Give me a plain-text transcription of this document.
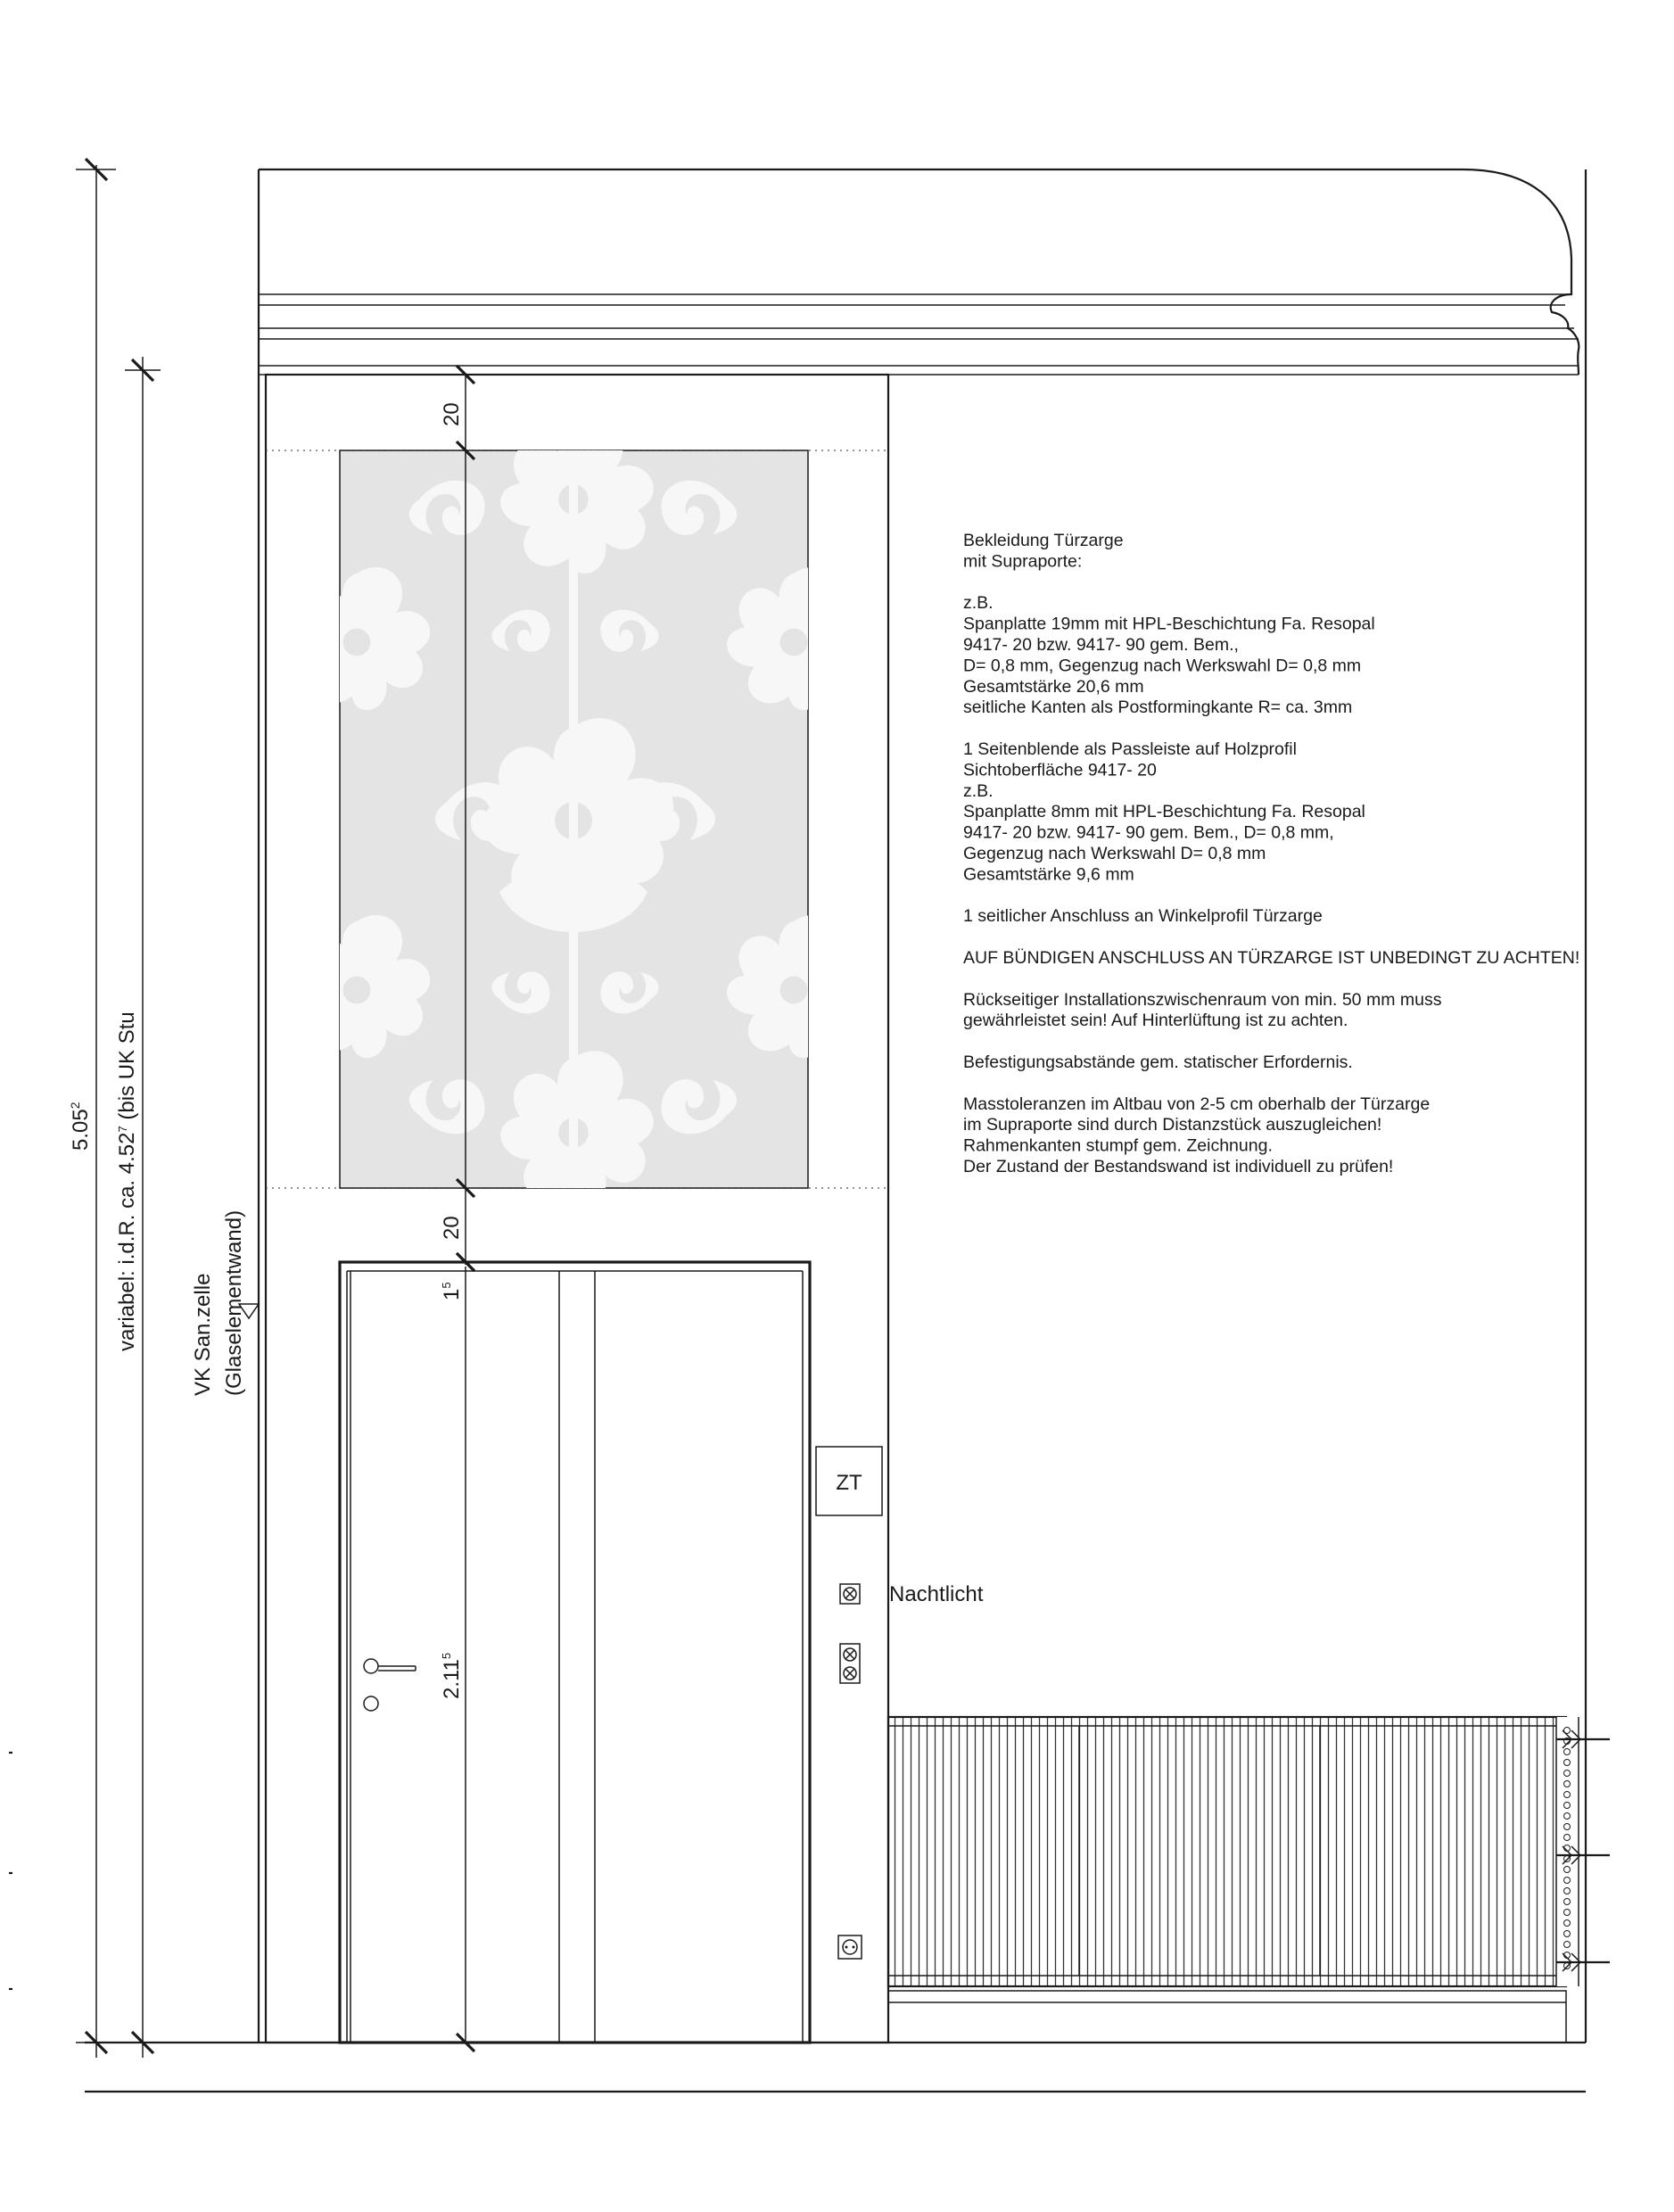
5.05$^2$
variabel: i.d.R. ca. 4.52$^7$ (bis UK Stu
VK San.zelle (Glaselementwand)
20
20
$1^5$
2.11$^5$
ZT
Nachtlicht
Bekleidung Türzarge mit Supraporte: z.B. Spanplatte 19mm mit HPL-Beschichtung Fa. Resopal 9417- 20 bzw. 9417- 90 gem. Bem., D= 0,8 mm, Gegenzug nach Werkswahl D= 0,8 mm Gesamtstärke 20,6 mm seitliche Kanten als Postformingkante R= ca. 3mm 1 Seitenblende als Passleiste auf Holzprofil Sichtoberfläche 9417- 20 z.B. Spanplatte 8mm mit HPL-Beschichtung Fa. Resopal 9417- 20 bzw. 9417- 90 gem. Bem., D= 0,8 mm, Gegenzug nach Werkswahl D= 0,8 mm Gesamtstärke 9,6 mm 1 seitlicher Anschluss an Winkelprofil Türzarge AUF BÜNDIGEN ANSCHLUSS AN TÜRZARGE IST UNBEDINGT ZU ACHTEN! Rückseitiger Installationszwischenraum von min. 50 mm muss gewährleistet sein! Auf Hinterlüftung ist zu achten. Befestigungsabstände gem. statischer Erfordernis. Masstoleranzen im Altbau von 2-5 cm oberhalb der Türzarge im Supraporte sind durch Distanzstück auszugleichen! Rahmenkanten stumpf gem. Zeichnung. Der Zustand der Bestandswand ist individuell zu prüfen!
